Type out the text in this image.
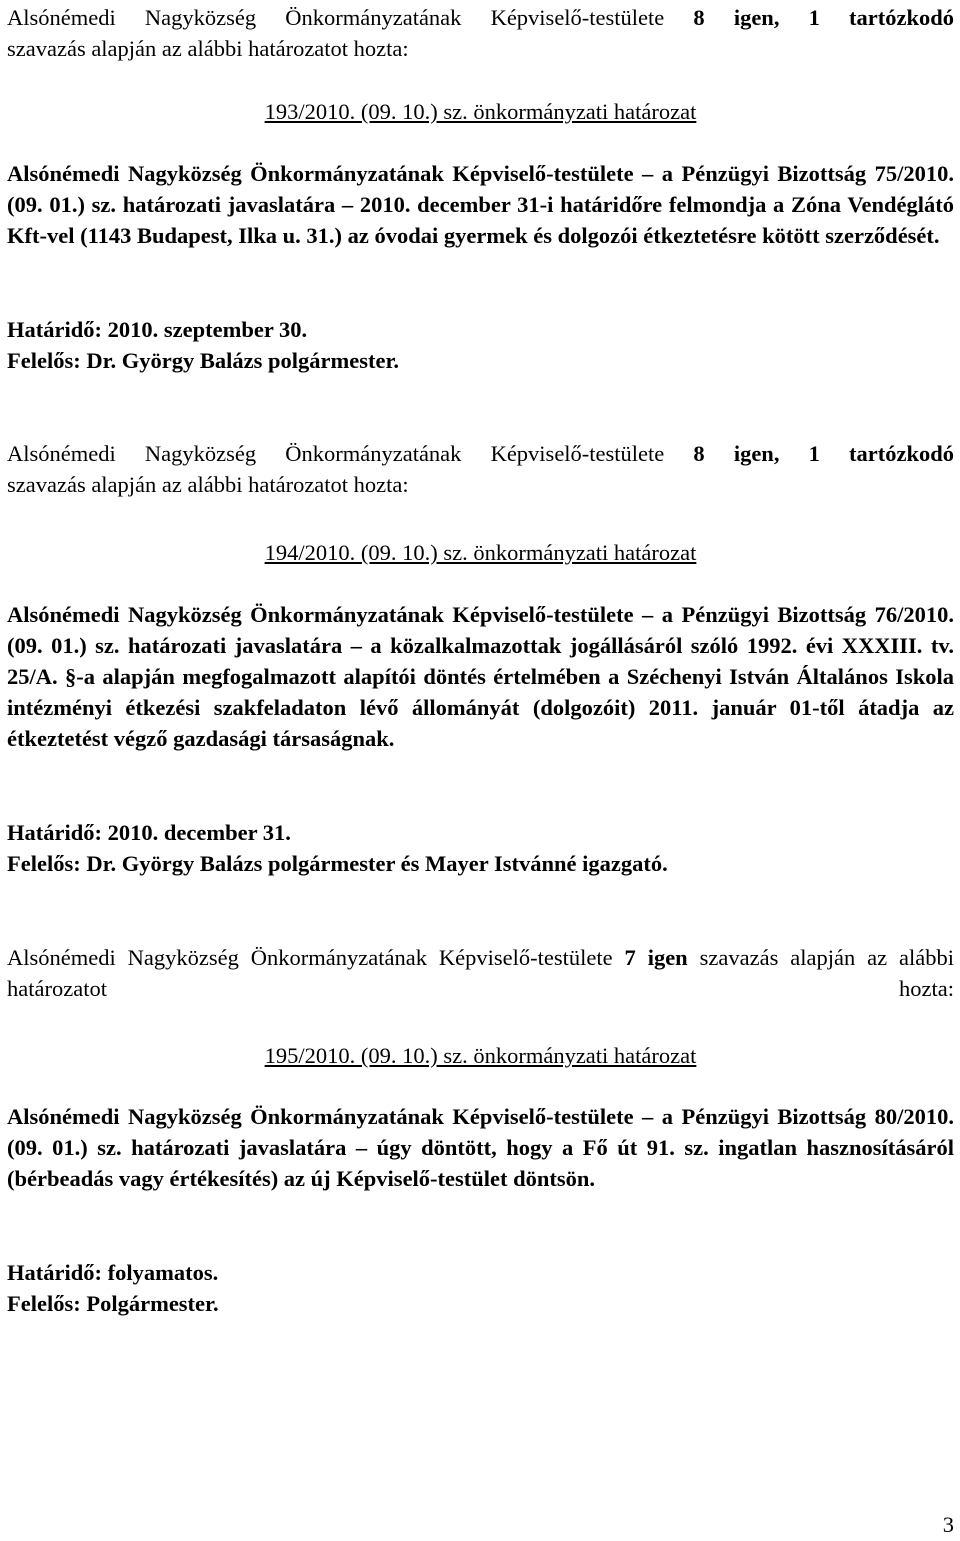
Alsónémedi Nagyközség Önkormányzatának Képviselő-testülete 8 igen, 1 tartózkodó

szavazás alapján az alábbi határozatot hozta:

193/2010. (09. 10.) sz. önkormányzati határozat

Alsónémedi Nagyközség Önkormányzatának Képviselő-testülete – a Pénzügyi Bizottság 75/2010. (09. 01.) sz. határozati javaslatára – 2010. december 31-i határidőre felmondja a Zóna Vendéglátó Kft-vel (1143 Budapest, Ilka u. 31.) az óvodai gyermek és dolgozói étkeztetésre kötött szerződését.

Határidő: 2010. szeptember 30.

Felelős: Dr. György Balázs polgármester.

Alsónémedi Nagyközség Önkormányzatának Képviselő-testülete 8 igen, 1 tartózkodó

szavazás alapján az alábbi határozatot hozta:

194/2010. (09. 10.) sz. önkormányzati határozat

Alsónémedi Nagyközség Önkormányzatának Képviselő-testülete – a Pénzügyi Bizottság 76/2010. (09. 01.) sz. határozati javaslatára – a közalkalmazottak jogállásáról szóló 1992. évi XXXIII. tv. 25/A. §-a alapján megfogalmazott alapítói döntés értelmében a Széchenyi István Általános Iskola intézményi étkezési szakfeladaton lévő állományát (dolgozóit) 2011. január 01-től átadja az étkeztetést végző gazdasági társaságnak.

Határidő: 2010. december 31.

Felelős: Dr. György Balázs polgármester és Mayer Istvánné igazgató.

Alsónémedi Nagyközség Önkormányzatának Képviselő-testülete 7 igen szavazás alapján az alábbi határozatot hozta:

195/2010. (09. 10.) sz. önkormányzati határozat

Alsónémedi Nagyközség Önkormányzatának Képviselő-testülete – a Pénzügyi Bizottság 80/2010. (09. 01.) sz. határozati javaslatára – úgy döntött, hogy a Fő út 91. sz. ingatlan hasznosításáról (bérbeadás vagy értékesítés) az új Képviselő-testület döntsön.

Határidő: folyamatos.

Felelős: Polgármester.

3
